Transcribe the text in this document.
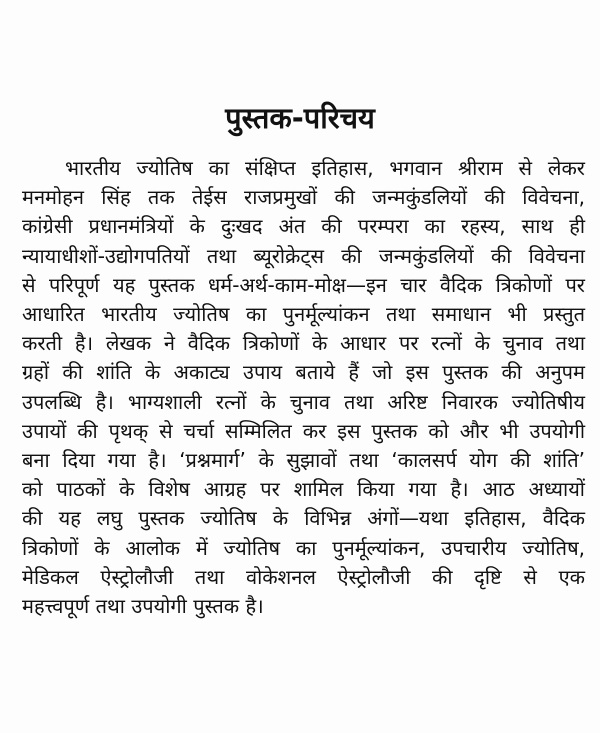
पुस्तक-परिचय
भारतीय ज्योतिष का संक्षिप्त इतिहास, भगवान श्रीराम से लेकर
मनमोहन सिंह तक तेईस राजप्रमुखों की जन्मकुंडलियों की विवेचना,
कांग्रेसी प्रधानमंत्रियों के दुःखद अंत की परम्परा का रहस्य, साथ ही
न्यायाधीशों-उद्योगपतियों तथा ब्यूरोक्रेट्स की जन्मकुंडलियों की विवेचना
से परिपूर्ण यह पुस्तक धर्म-अर्थ-काम-मोक्ष—इन चार वैदिक त्रिकोणों पर
आधारित भारतीय ज्योतिष का पुनर्मूल्यांकन तथा समाधान भी प्रस्तुत
करती है। लेखक ने वैदिक त्रिकोणों के आधार पर रत्नों के चुनाव तथा
ग्रहों की शांति के अकाट्य उपाय बताये हैं जो इस पुस्तक की अनुपम
उपलब्धि है। भाग्यशाली रत्नों के चुनाव तथा अरिष्ट निवारक ज्योतिषीय
उपायों की पृथक् से चर्चा सम्मिलित कर इस पुस्तक को और भी उपयोगी
बना दिया गया है। ‘प्रश्नमार्ग’ के सुझावों तथा ‘कालसर्प योग की शांति’
को पाठकों के विशेष आग्रह पर शामिल किया गया है। आठ अध्यायों
की यह लघु पुस्तक ज्योतिष के विभिन्न अंगों—यथा इतिहास, वैदिक
त्रिकोणों के आलोक में ज्योतिष का पुनर्मूल्यांकन, उपचारीय ज्योतिष,
मेडिकल ऐस्ट्रोलौजी तथा वोकेशनल ऐस्ट्रोलौजी की दृष्टि से एक
महत्त्वपूर्ण तथा उपयोगी पुस्तक है।
